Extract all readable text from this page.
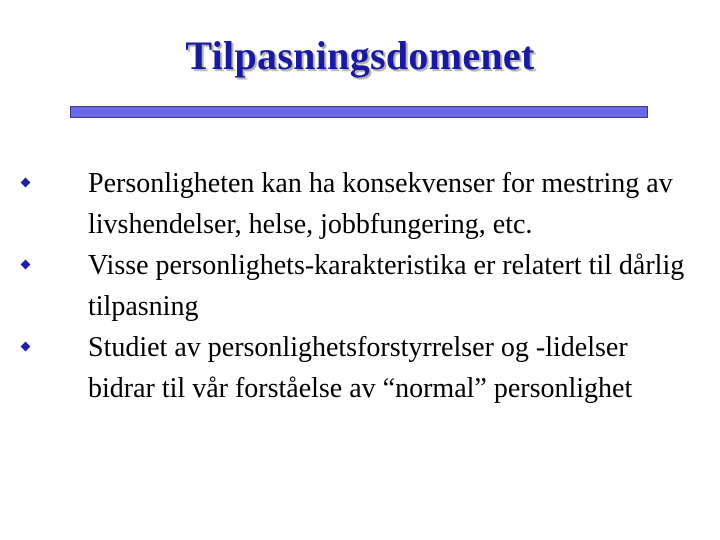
Tilpasningsdomenet
Personligheten kan ha konsekvenser for mestring av livshendelser, helse, jobbfungering, etc.
Visse personlighets-karakteristika er relatert til dårlig tilpasning
Studiet av personlighetsforstyrrelser og -lidelser bidrar til vår forståelse av “normal” personlighet
